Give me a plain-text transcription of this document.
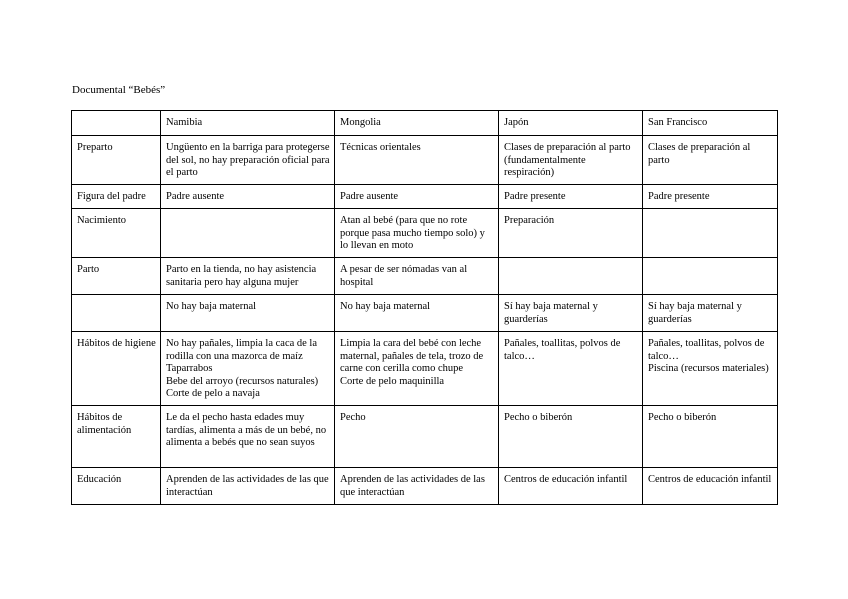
Documental “Bebés”
	Namibia	Mongolia	Japón	San Francisco
Preparto	Ungüento en la barriga para protegerse del sol, no hay preparación oficial para el parto	Técnicas orientales	Clases de preparación al parto (fundamentalmente respiración)	Clases de preparación al parto

Figura del padre	Padre ausente	Padre ausente	Padre presente	Padre presente

Nacimiento		Atan al bebé (para que no rote porque pasa mucho tiempo solo) y lo llevan en moto	Preparación	

Parto	Parto en la tienda, no hay asistencia sanitaria pero hay alguna mujer	A pesar de ser nómadas van al hospital		

	No hay baja maternal	No hay baja maternal	Sí hay baja maternal y guarderías	Sí hay baja maternal y guarderías

Hábitos de higiene	No hay pañales, limpia la caca de la rodilla con una mazorca de maíz
Taparrabos
Bebe del arroyo (recursos naturales)
Corte de pelo a navaja	Limpia la cara del bebé con leche maternal, pañales de tela, trozo de carne con cerilla como chupe
Corte de pelo maquinilla	Pañales, toallitas, polvos de talco…	Pañales, toallitas, polvos de talco…
Piscina (recursos materiales)

Hábitos de alimentación	Le da el pecho hasta edades muy tardías, alimenta a más de un bebé, no alimenta a bebés que no sean suyos	Pecho	Pecho o biberón	Pecho o biberón

Educación	Aprenden de las actividades de las que interactúan	Aprenden de las actividades de las que interactúan	Centros de educación infantil	Centros de educación infantil
